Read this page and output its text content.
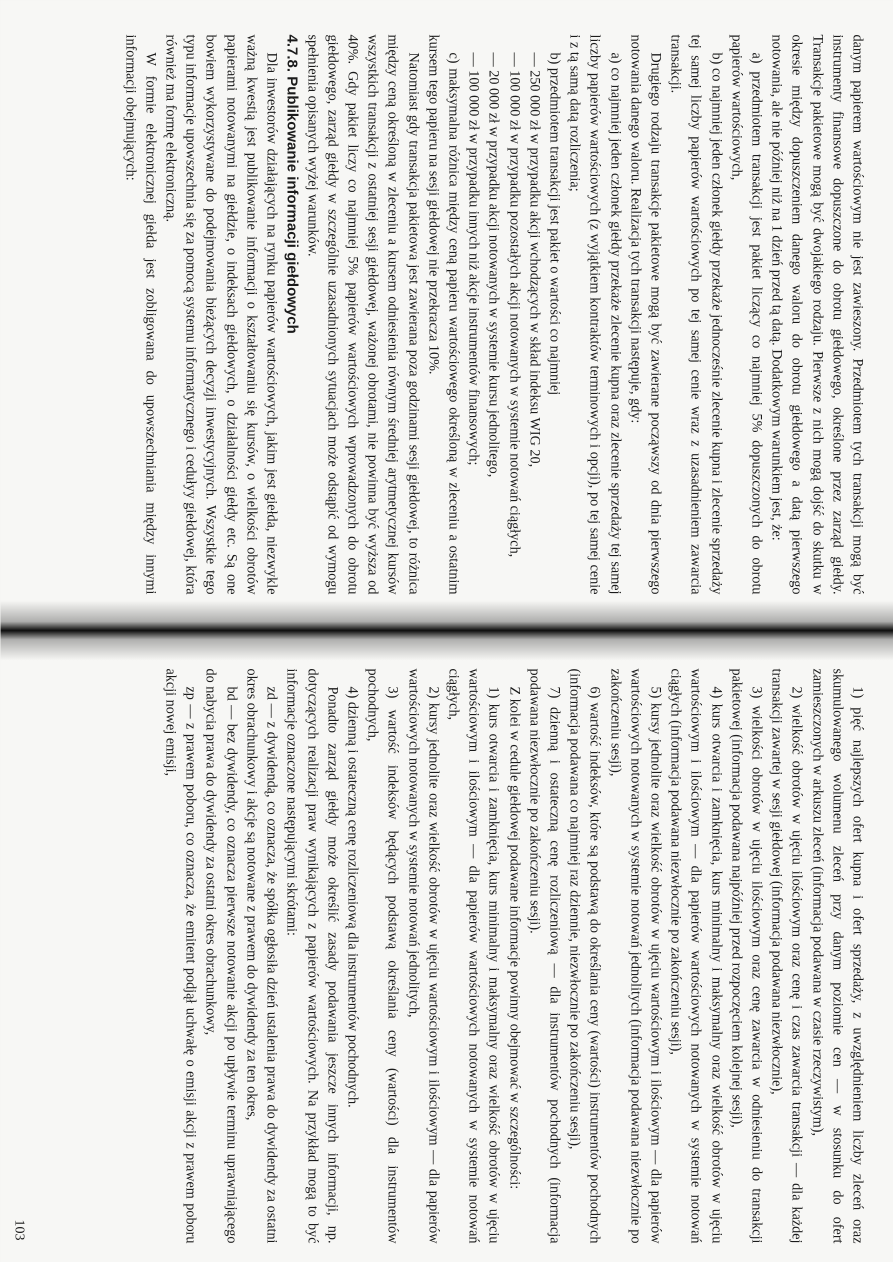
danym papierem wartościowym nie jest zawieszony. Przedmiotem tych transakcji mogą być instrumenty finansowe dopuszczone do obrotu giełdowego, określone przez zarząd giełdy. Transakcje pakietowe mogą być dwojakiego rodzaju. Pierwsze z nich mogą dojść do skutku w okresie między dopuszczeniem danego waloru do obrotu giełdowego a datą pierwszego notowania, ale nie później niż na 1 dzień przed tą datą. Dodatkowym warunkiem jest, że:

a) przedmiotem transakcji jest pakiet liczący co najmniej 5% dopuszczonych do obrotu papierów wartościowych,

b) co najmniej jeden członek giełdy przekaże jednocześnie zlecenie kupna i zlecenie sprzedaży tej samej liczby papierów wartościowych po tej samej cenie wraz z uzasadnieniem zawarcia transakcji.

Drugiego rodzaju transakcje pakietowe mogą być zawierane począwszy od dnia pierwszego notowania danego waloru. Realizacja tych transakcji następuje, gdy:

a) co najmniej jeden członek giełdy przekaże zlecenie kupna oraz zlecenie sprzedaży tej samej liczby papierów wartościowych (z wyjątkiem kontraktów terminowych i opcji), po tej samej cenie i z tą samą datą rozliczenia;

b) przedmiotem transakcji jest pakiet o wartości co najmniej

— 250 000 zł w przypadku akcji wchodzących w skład indeksu WIG 20,

— 100 000 zł w przypadku pozostałych akcji notowanych w systemie notowań ciągłych,

— 20 000 zł w przypadku akcji notowanych w systemie kursu jednolitego,

— 100 000 zł w przypadku innych niż akcje instrumentów finansowych;

c) maksymalna różnica między ceną papieru wartościowego określoną w zleceniu a ostatnim kursem tego papieru na sesji giełdowej nie przekracza 10%.

Natomiast gdy transakcja pakietowa jest zawierana poza godzinami sesji giełdowej, to różnica między ceną określoną w zleceniu a kursem odniesienia równym średniej arytmetycznej kursów wszystkich transakcji z ostatniej sesji giełdowej, ważonej obrotami, nie powinna być wyższa od 40%. Gdy pakiet liczy co najmniej 5% papierów wartościowych wprowadzonych do obrotu giełdowego, zarząd giełdy w szczególnie uzasadnionych sytuacjach może odstąpić od wymogu spełnienia opisanych wyżej warunków.

4.7.8. Publikowanie informacji giełdowych

Dla inwestorów działających na rynku papierów wartościowych, jakim jest giełda, niezwykle ważną kwestią jest publikowanie informacji o kształtowaniu się kursów, o wielkości obrotów papierami notowanymi na giełdzie, o indeksach giełdowych, o działalności giełdy etc. Są one bowiem wykorzystywane do podejmowania bieżących decyzji inwestycyjnych. Wszystkie tego typu informacje upowszechnia się za pomocą systemu informatycznego i cedułyy giełdowej, która również ma formę elektroniczną.

W formie elektronicznej giełda jest zobligowana do upowszechniania między innymi informacji obejmujących:

1) pięć najlepszych ofert kupna i ofert sprzedaży, z uwzględnieniem liczby zleceń oraz skumulowanego wolumenu zleceń przy danym poziomie cen — w stosunku do ofert zamieszczonych w arkuszu zleceń (informacja podawana w czasie rzeczywistym),

2) wielkość obrotów w ujęciu ilościowym oraz cenę i czas zawarcia transakcji — dla każdej transakcji zawartej w sesji giełdowej (informacja podawana niezwłocznie),

3) wielkości obrotów w ujęciu ilościowym oraz cenę zawarcia w odniesieniu do transakcji pakietowej (informacja podawana najpóźniej przed rozpoczęciem kolejnej sesji),

4) kurs otwarcia i zamknięcia, kurs minimalny i maksymalny oraz wielkość obrotów w ujęciu wartościowym i ilościowym — dla papierów wartościowych notowanych w systemie notowań ciągłych (informacja podawana niezwłocznie po zakończeniu sesji),

5) kursy jednolite oraz wielkość obrotów w ujęciu wartościowym i ilościowym — dla papierów wartościowych notowanych w systemie notowań jednolitych (informacja podawana niezwłocznie po zakończeniu sesji),

6) wartość indeksów, które są podstawą do określania ceny (wartości) instrumentów pochodnych (informacja podawana co najmniej raz dziennie, niezwłocznie po zakończeniu sesji),

7) dzienną i ostateczną cenę rozliczeniową — dla instrumentów pochodnych (informacja podawana niezwłocznie po zakończeniu sesji).

Z kolei w cedule giełdowej podawane informacje powinny obejmować w szczególności:

1) kurs otwarcia i zamknięcia, kurs minimalny i maksymalny oraz wielkość obrotów w ujęciu wartościowym i ilościowym — dla papierów wartościowych notowanych w systemie notowań ciągłych,

2) kursy jednolite oraz wielkość obrotów w ujęciu wartościowym i ilościowym — dla papierów wartościowych notowanych w systemie notowań jednolitych,

3) wartość indeksów będących podstawą określania ceny (wartości) dla instrumentów pochodnych,

4) dzienną i ostateczną cenę rozliczeniową dla instrumentów pochodnych.

Ponadto zarząd giełdy może określić zasady podawania jeszcze innych informacji, np. dotyczących realizacji praw wynikających z papierów wartościowych. Na przykład mogą to być informacje oznaczone następującymi skrótami:

zd — z dywidendą, co oznacza, że spółka ogłosiła dzień ustalenia prawa do dywidendy za ostatni okres obrachunkowy i akcje są notowane z prawem do dywidendy za ten okres,

bd — bez dywidendy, co oznacza pierwsze notowanie akcji po upływie terminu uprawniającego do nabycia prawa do dywidendy za ostatni okres obrachunkowy,

zp — z prawem poboru, co oznacza, że emitent podjął uchwałę o emisji akcji z prawem poboru akcji nowej emisji,

103
